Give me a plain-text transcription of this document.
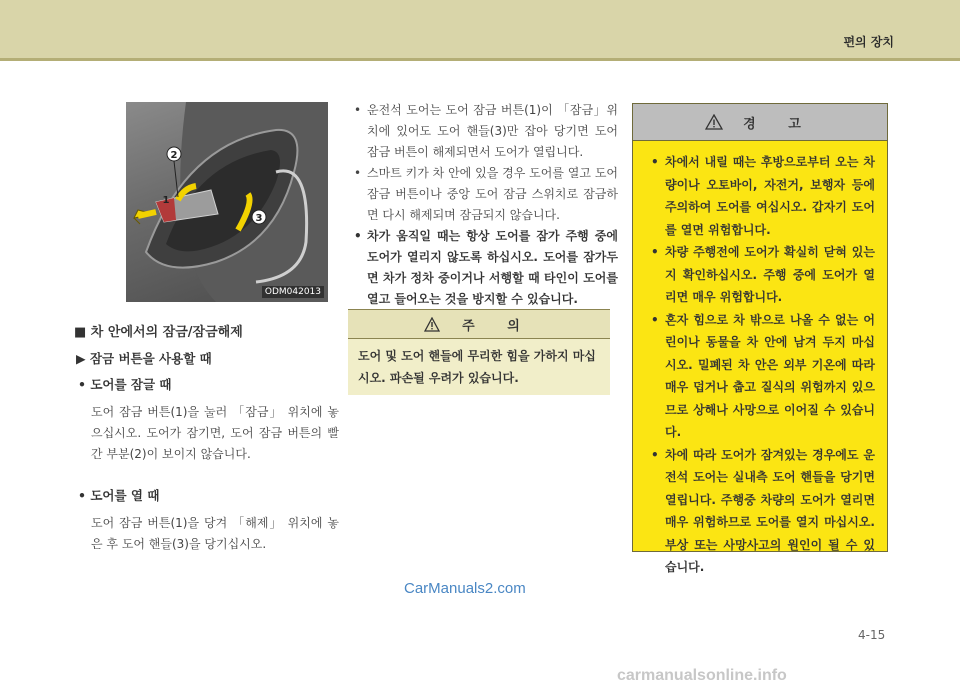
편의 장치
2
1
3
ODM042013
■ 차 안에서의 잠금/잠금해제
▶ 잠금 버튼을 사용할 때
• 도어를 잠글 때
도어 잠금 버튼(1)을 눌러 「잠금」 위치에 놓으십시오. 도어가 잠기면, 도어 잠금 버튼의 빨간 부분(2)이 보이지 않습니다.
• 도어를 열 때
도어 잠금 버튼(1)을 당겨 「해제」 위치에 놓은 후 도어 핸들(3)을 당기십시오.
• 운전석 도어는 도어 잠금 버튼(1)이 「잠금」위치에 있어도 도어 핸들(3)만 잡아 당기면 도어 잠금 버튼이 해제되면서 도어가 열립니다.
• 스마트 키가 차 안에 있을 경우 도어를 열고 도어 잠금 버튼이나 중앙 도어 잠금 스위치로 잠금하면 다시 해제되며 잠금되지 않습니다.
• 차가 움직일 때는 항상 도어를 잠가 주행 중에 도어가 열리지 않도록 하십시오. 도어를 잠가두면 차가 정차 중이거나 서행할 때 타인이 도어를 열고 들어오는 것을 방지할 수 있습니다.
주 의
도어 및 도어 핸들에 무리한 힘을 가하지 마십시오. 파손될 우려가 있습니다.
경 고
• 차에서 내릴 때는 후방으로부터 오는 차량이나 오토바이, 자전거, 보행자 등에 주의하여 도어를 여십시오. 갑자기 도어를 열면 위험합니다.
• 차량 주행전에 도어가 확실히 닫혀 있는지 확인하십시오. 주행 중에 도어가 열리면 매우 위험합니다.
• 혼자 힘으로 차 밖으로 나올 수 없는 어린이나 동물을 차 안에 남겨 두지 마십시오. 밀폐된 차 안은 외부 기온에 따라 매우 덥거나 춥고 질식의 위험까지 있으므로 상해나 사망으로 이어질 수 있습니다.
• 차에 따라 도어가 잠겨있는 경우에도 운전석 도어는 실내측 도어 핸들을 당기면 열립니다. 주행중 차량의 도어가 열리면 매우 위험하므로 도어를 열지 마십시오. 부상 또는 사망사고의 원인이 될 수 있습니다.
CarManuals2.com
4-15
carmanualsonline.info
